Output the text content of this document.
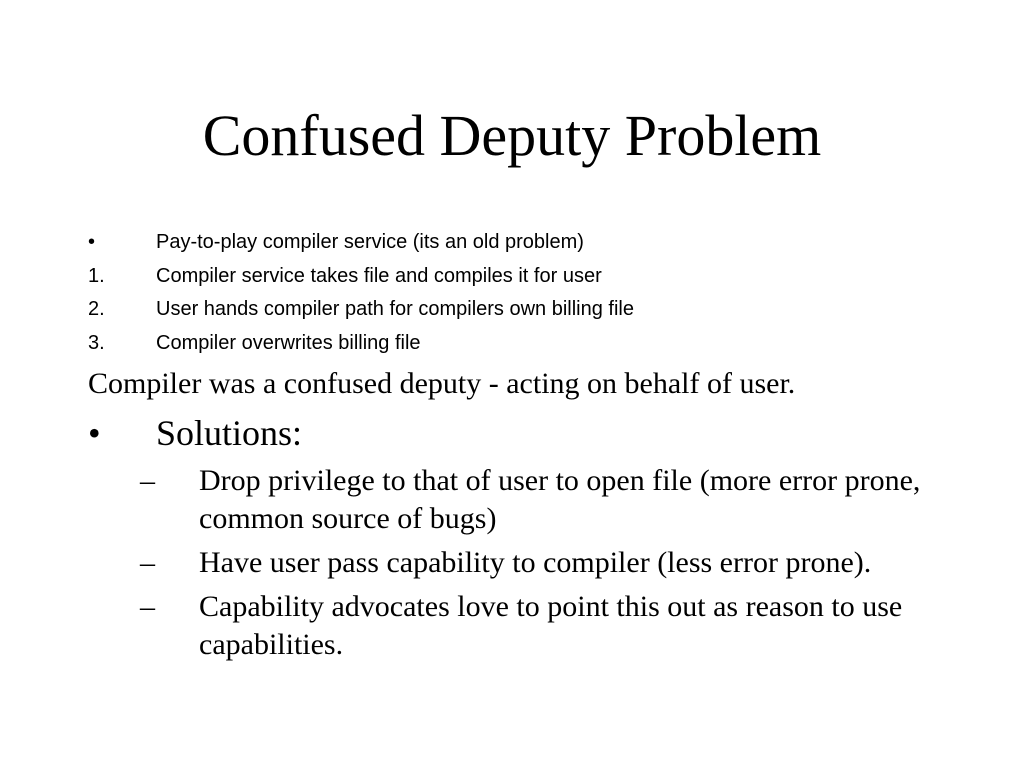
Confused Deputy Problem
•	Pay-to-play compiler service (its an old problem)
1.	Compiler service takes file and compiles it for user
2.	User hands compiler path for compilers own billing file
3.	Compiler overwrites billing file
Compiler was a confused deputy - acting on behalf of user.
• Solutions:
– Drop privilege to that of user to open file (more error prone, common source of bugs)
– Have user pass capability to compiler (less error prone).
– Capability advocates love to point this out as reason to use capabilities.
